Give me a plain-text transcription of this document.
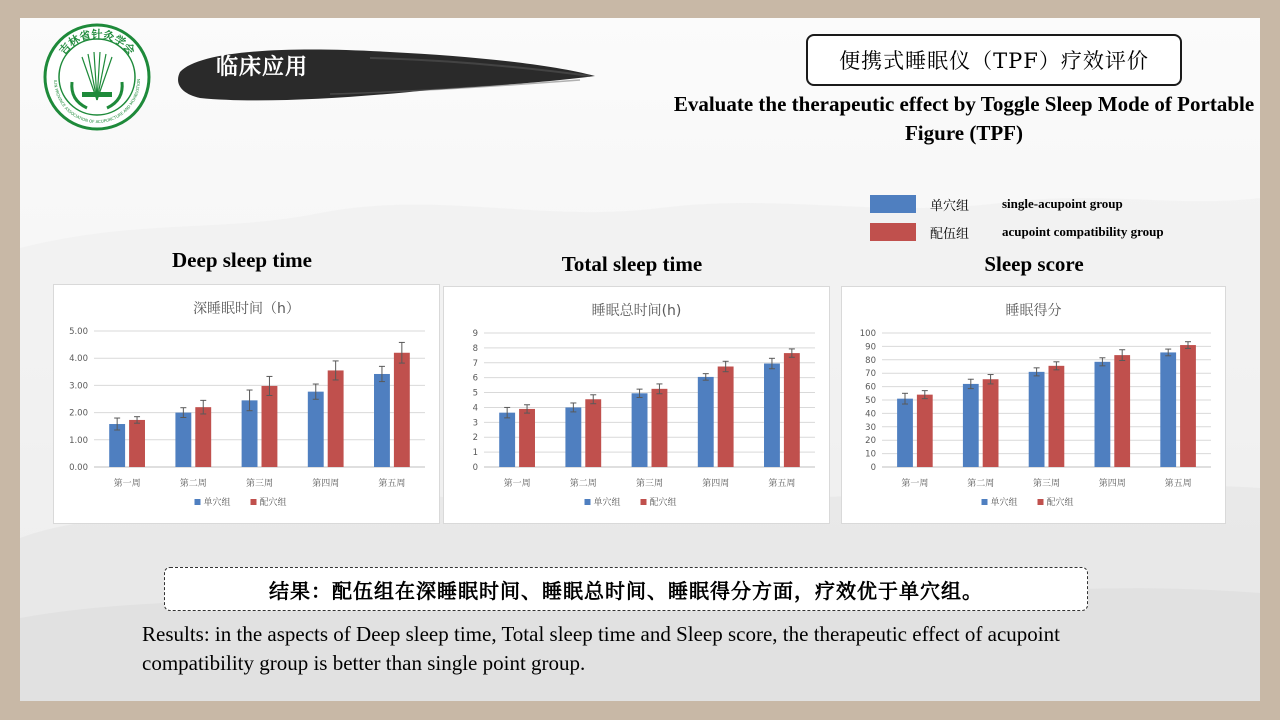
吉林省针灸学会
ILIN PROVINCE ASSOCIATION OF ACUPUNCTURE AND MOXIBUSTION
临床应用	便携式睡眠仪（TPF）疗效评价
Evaluate the therapeutic effect by Toggle Sleep Mode of Portable Figure (TPF)
单穴组	single-acupoint group
配伍组	acupoint compatibility group
Deep sleep time	Total sleep time	Sleep score
深睡眠时间（h）
0.00
1.00
2.00
3.00
4.00
5.00
第一周	第二周	第三周	第四周	第五周
单穴组	配穴组
睡眠总时间(h)
0
1
2
3
4
5
6
7
8
9
第一周	第二周	第三周	第四周	第五周
单穴组	配穴组
睡眠得分
0
10
20
30
40
50
60
70
80
90
100
第一周	第二周	第三周	第四周	第五周
单穴组	配穴组
结果：配伍组在深睡眠时间、睡眠总时间、睡眠得分方面，疗效优于单穴组。
Results: in the aspects of Deep sleep time, Total sleep time and Sleep score, the therapeutic effect of acupoint compatibility group is better than single point group.
